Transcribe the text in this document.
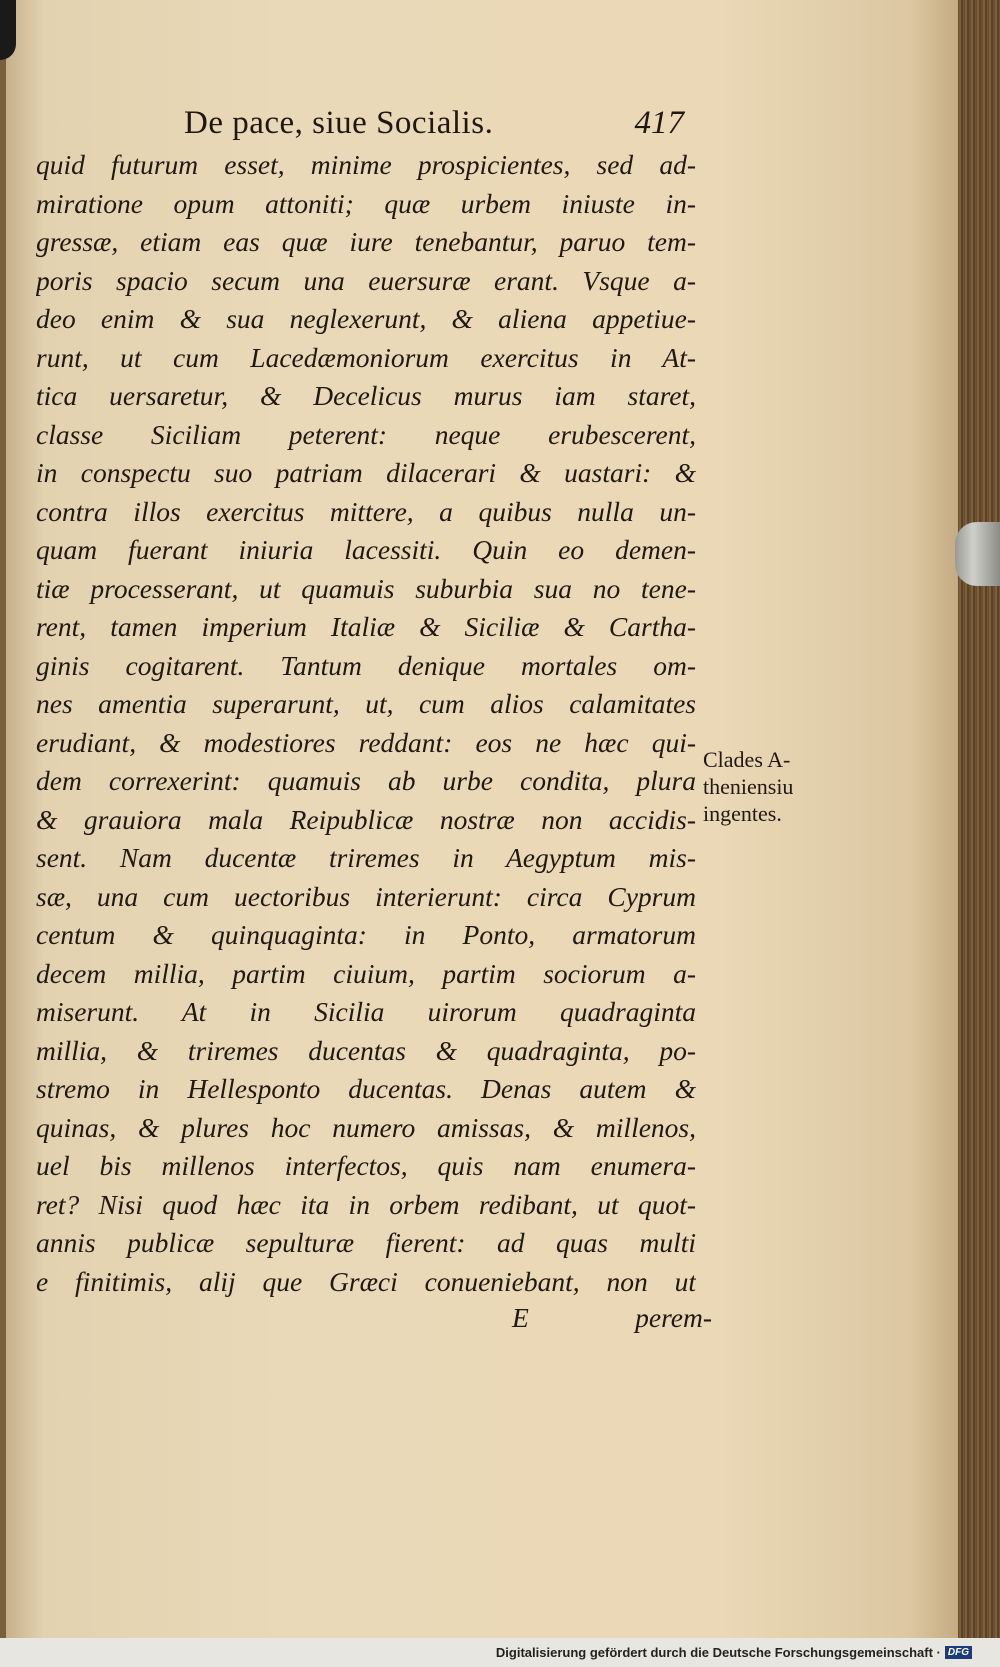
De pace, siue Socialis.	417
quid futurum esset, minime prospicientes, sed ad-
miratione opum attoniti; quæ urbem iniuste in-
gressæ, etiam eas quæ iure tenebantur, paruo tem-
poris spacio secum una euersuræ erant. Vsque a-
deo enim & sua neglexerunt, & aliena appetiue-
runt, ut cum Lacedæmoniorum exercitus in At-
tica uersaretur, & Decelicus murus iam staret,
classe Siciliam peterent: neque erubescerent,
in conspectu suo patriam dilacerari & uastari: &
contra illos exercitus mittere, a quibus nulla un-
quam fuerant iniuria lacessiti. Quin eo demen-
tiæ processerant, ut quamuis suburbia sua no tene-
rent, tamen imperium Italiæ & Siciliæ & Cartha-
ginis cogitarent. Tantum denique mortales om-
nes amentia superarunt, ut, cum alios calamitates
erudiant, & modestiores reddant: eos ne hæc qui-
dem correxerint: quamuis ab urbe condita, plura
& grauiora mala Reipublicæ nostræ non accidis-
sent. Nam ducentæ triremes in Aegyptum mis-
sæ, una cum uectoribus interierunt: circa Cyprum
centum & quinquaginta: in Ponto, armatorum
decem millia, partim ciuium, partim sociorum a-
miserunt. At in Sicilia uirorum quadraginta
millia, & triremes ducentas & quadraginta, po-
stremo in Hellesponto ducentas. Denas autem &
quinas, & plures hoc numero amissas, & millenos,
uel bis millenos interfectos, quis nam enumera-
ret? Nisi quod hæc ita in orbem redibant, ut quot-
annis publicæ sepulturæ fierent: ad quas multi
e finitimis, alij que Græci conueniebant, non ut
Clades A-
theniensiu
ingentes.
E	perem-
Digitalisierung gefördert durch die Deutsche Forschungsgemeinschaft · DFG
